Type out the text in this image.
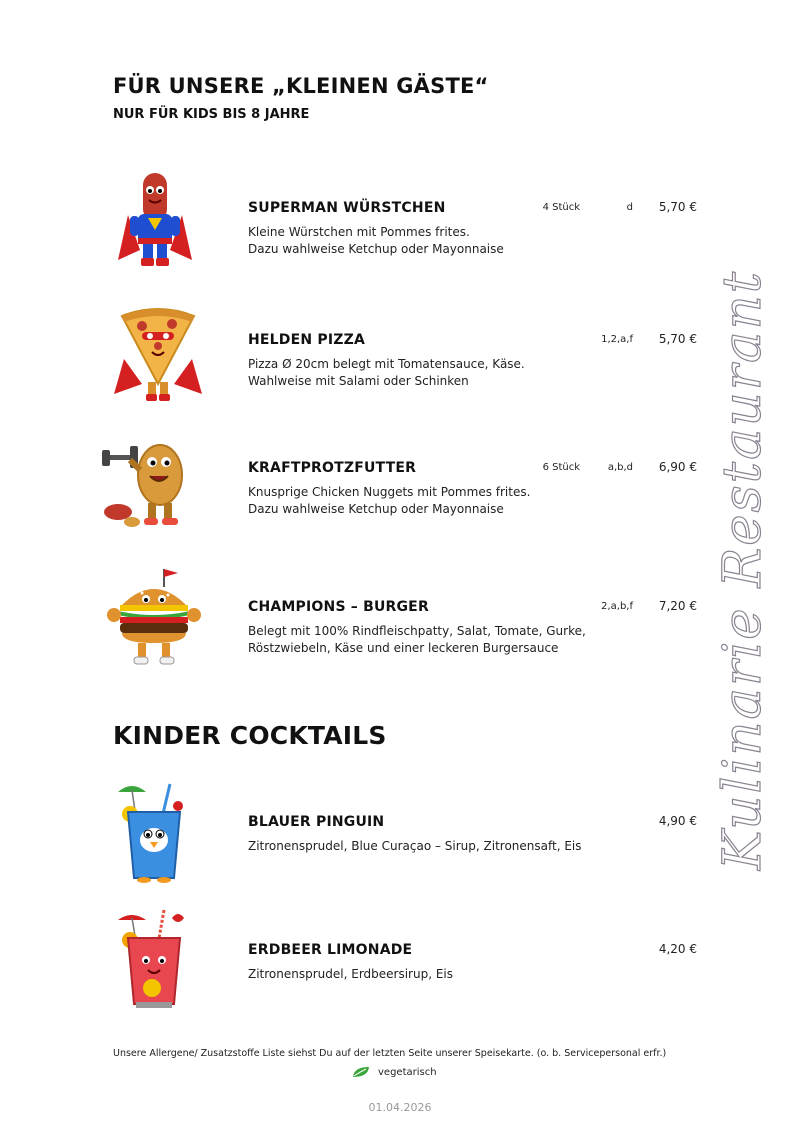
FÜR UNSERE „KLEINEN GÄSTE“
NUR FÜR KIDS BIS 8 JAHRE
SUPERMAN WÜRSTCHEN	4 Stück	d 5,70 €
Kleine Würstchen mit Pommes frites.
Dazu wahlweise Ketchup oder Mayonnaise
HELDEN PIZZA	1,2,a,f 5,70 €
Pizza Ø 20cm belegt mit Tomatensauce, Käse.
Wahlweise mit Salami oder Schinken
KRAFTPROTZFUTTER	6 Stück	a,b,d 6,90 €
Knusprige Chicken Nuggets mit Pommes frites.
Dazu wahlweise Ketchup oder Mayonnaise
CHAMPIONS – BURGER	2,a,b,f 7,20 €
Belegt mit 100% Rindfleischpatty, Salat, Tomate, Gurke,
Röstzwiebeln, Käse und einer leckeren Burgersauce
KINDER COCKTAILS
BLAUER PINGUIN	4,90 €
Zitronensprudel, Blue Curaçao – Sirup, Zitronensaft, Eis
ERDBEER LIMONADE	4,20 €
Zitronensprudel, Erdbeersirup, Eis
Kulinarie Restaurant
Unsere Allergene/ Zusatzstoffe Liste siehst Du auf der letzten Seite unserer Speisekarte. (o. b. Servicepersonal erfr.)
vegetarisch
01.04.2026
